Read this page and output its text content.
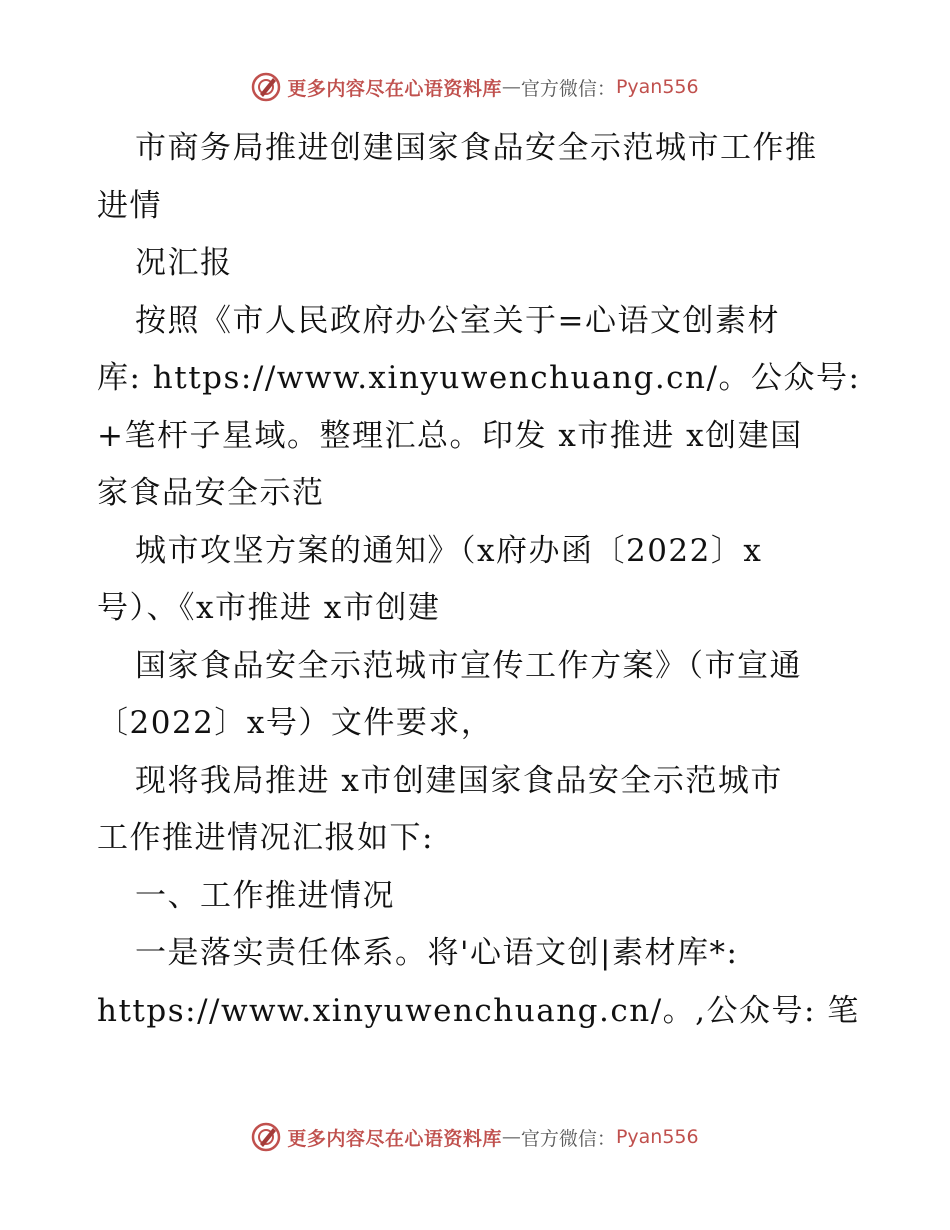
更多内容尽在心语资料库 — 官方微信： Pyan556
市商务局推进创建国家食品安全示范城市工作推
进情
况汇报
按照《市人民政府办公室关于=心语文创素材
库: https://www.xinyuwenchuang.cn/。公众号:
+笔杆子星域。整理汇总。印发 x市推进 x创建国
家食品安全示范
城市攻坚方案的通知》（x府办函〔2022〕x
号）、《x市推进 x市创建
国家食品安全示范城市宣传工作方案》（市宣通
〔2022〕x号）文件要求，
现将我局推进 x市创建国家食品安全示范城市
工作推进情况汇报如下:
一、工作推进情况
一是落实责任体系。将'心语文创|素材库*:
https://www.xinyuwenchuang.cn/。,公众号: 笔
更多内容尽在心语资料库 — 官方微信： Pyan556
